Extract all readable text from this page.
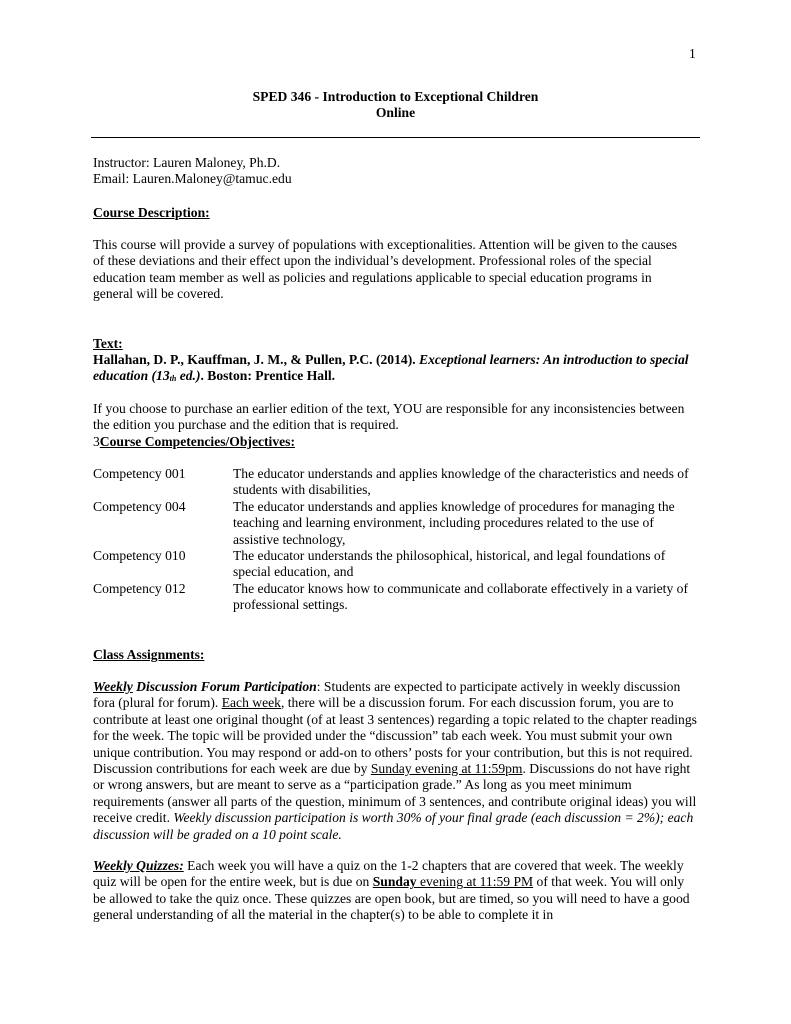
1
SPED 346 - Introduction to Exceptional Children
Online
Instructor: Lauren Maloney, Ph.D.
Email: Lauren.Maloney@tamuc.edu
Course Description:
This course will provide a survey of populations with exceptionalities. Attention will be given to the causes of these deviations and their effect upon the individual’s development. Professional roles of the special education team member as well as policies and regulations applicable to special education programs in general will be covered.
Text:
Hallahan, D. P., Kauffman, J. M., & Pullen, P.C. (2014). Exceptional learners: An introduction to special education ($13_{th}$ ed.). Boston: Prentice Hall.
If you choose to purchase an earlier edition of the text, YOU are responsible for any inconsistencies between the edition you purchase and the edition that is required.
3Course Competencies/Objectives:
Competency 001	The educator understands and applies knowledge of the characteristics and needs of students with disabilities,
Competency 004	The educator understands and applies knowledge of procedures for managing the teaching and learning environment, including procedures related to the use of assistive technology,
Competency 010	The educator understands the philosophical, historical, and legal foundations of special education, and
Competency 012	The educator knows how to communicate and collaborate effectively in a variety of professional settings.
Class Assignments:
Weekly Discussion Forum Participation: Students are expected to participate actively in weekly discussion fora (plural for forum). Each week, there will be a discussion forum. For each discussion forum, you are to contribute at least one original thought (of at least 3 sentences) regarding a topic related to the chapter readings for the week. The topic will be provided under the “discussion” tab each week. You must submit your own unique contribution. You may respond or add-on to others’ posts for your contribution, but this is not required. Discussion contributions for each week are due by Sunday evening at 11:59pm. Discussions do not have right or wrong answers, but are meant to serve as a “participation grade.” As long as you meet minimum requirements (answer all parts of the question, minimum of 3 sentences, and contribute original ideas) you will receive credit. Weekly discussion participation is worth 30% of your final grade (each discussion = 2%); each discussion will be graded on a 10 point scale.
Weekly Quizzes: Each week you will have a quiz on the 1-2 chapters that are covered that week. The weekly quiz will be open for the entire week, but is due on Sunday evening at 11:59 PM of that week. You will only be allowed to take the quiz once. These quizzes are open book, but are timed, so you will need to have a good general understanding of all the material in the chapter(s) to be able to complete it in
